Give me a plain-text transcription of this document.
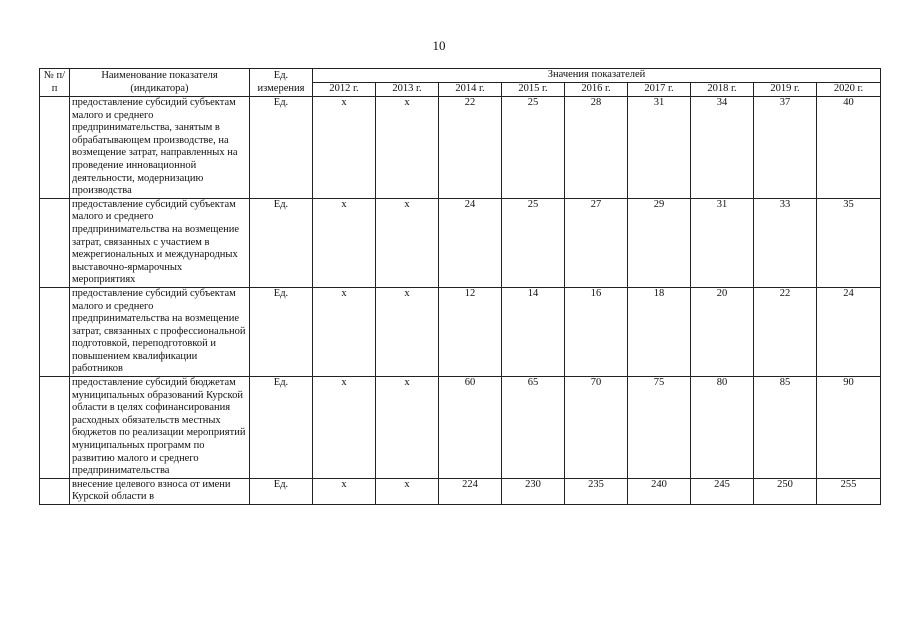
10
№ п/п	Наименование показателя (индикатора)	Ед. измерения	Значения показателей								
			2012 г.	2013 г.	2014 г.	2015 г.	2016 г.	2017 г.	2018 г.	2019 г.	2020 г.
	предоставление субсидий субъектам малого и среднего предпринимательства, занятым в обрабатывающем производстве, на возмещение затрат, направленных на проведение инновационной деятельности, модернизацию производства	Ед.	х	х	22	25	28	31	34	37	40
	предоставление субсидий субъектам малого и среднего предпринимательства на возмещение затрат, связанных с участием в межрегиональных и международных выставочно-ярмарочных мероприятиях	Ед.	х	х	24	25	27	29	31	33	35
	предоставление субсидий субъектам малого и среднего предпринимательства на возмещение затрат, связанных с профессиональной подготовкой, переподготовкой и повышением квалификации работников	Ед.	х	х	12	14	16	18	20	22	24
	предоставление субсидий бюджетам муниципальных образований Курской области в целях софинансирования расходных обязательств местных бюджетов по реализации мероприятий муниципальных программ по развитию малого и среднего предпринимательства	Ед.	х	х	60	65	70	75	80	85	90
	внесение целевого взноса от имени Курской области в	Ед.	х	х	224	230	235	240	245	250	255
